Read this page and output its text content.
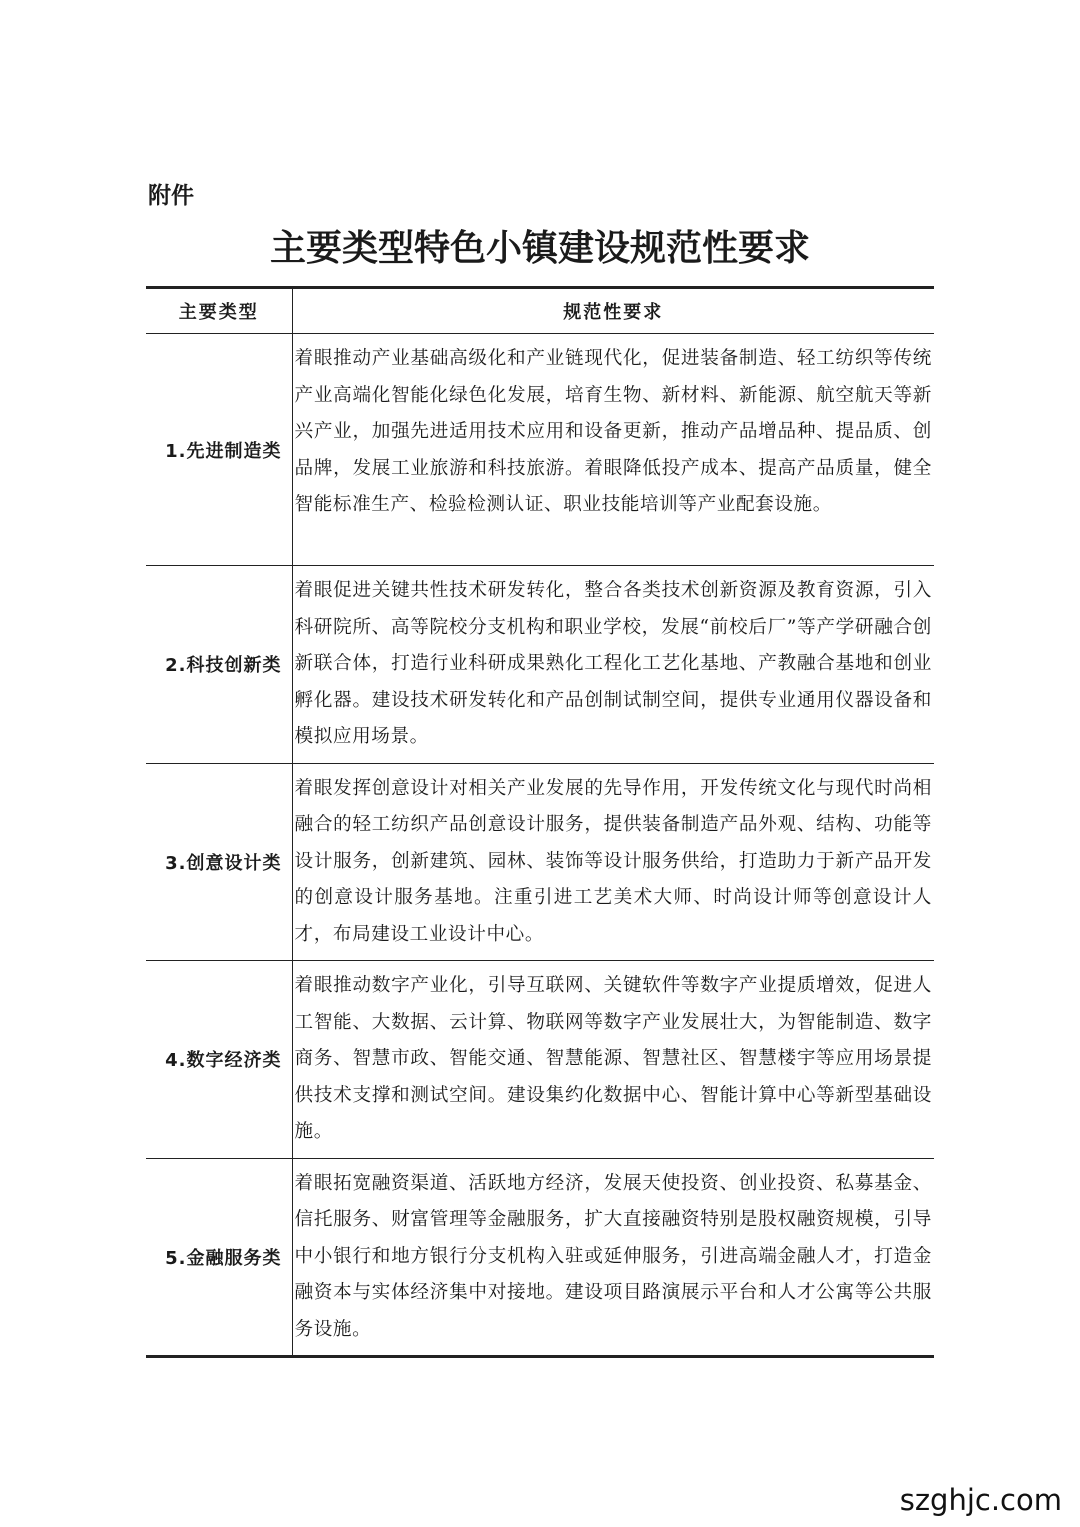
附件
主要类型特色小镇建设规范性要求
主要类型	规范性要求
1.先进制造类	着眼推动产业基础高级化和产业链现代化，促进装备制造、轻工纺织等传统产业高端化智能化绿色化发展，培育生物、新材料、新能源、航空航天等新兴产业，加强先进适用技术应用和设备更新，推动产品增品种、提品质、创品牌，发展工业旅游和科技旅游。着眼降低投产成本、提高产品质量，健全智能标准生产、检验检测认证、职业技能培训等产业配套设施。
2.科技创新类	着眼促进关键共性技术研发转化，整合各类技术创新资源及教育资源，引入科研院所、高等院校分支机构和职业学校，发展“前校后厂”等产学研融合创新联合体，打造行业科研成果熟化工程化工艺化基地、产教融合基地和创业孵化器。建设技术研发转化和产品创制试制空间，提供专业通用仪器设备和模拟应用场景。
3.创意设计类	着眼发挥创意设计对相关产业发展的先导作用，开发传统文化与现代时尚相融合的轻工纺织产品创意设计服务，提供装备制造产品外观、结构、功能等设计服务，创新建筑、园林、装饰等设计服务供给，打造助力于新产品开发的创意设计服务基地。注重引进工艺美术大师、时尚设计师等创意设计人才，布局建设工业设计中心。
4.数字经济类	着眼推动数字产业化，引导互联网、关键软件等数字产业提质增效，促进人工智能、大数据、云计算、物联网等数字产业发展壮大，为智能制造、数字商务、智慧市政、智能交通、智慧能源、智慧社区、智慧楼宇等应用场景提供技术支撑和测试空间。建设集约化数据中心、智能计算中心等新型基础设施。
5.金融服务类	着眼拓宽融资渠道、活跃地方经济，发展天使投资、创业投资、私募基金、信托服务、财富管理等金融服务，扩大直接融资特别是股权融资规模，引导中小银行和地方银行分支机构入驻或延伸服务，引进高端金融人才，打造金融资本与实体经济集中对接地。建设项目路演展示平台和人才公寓等公共服务设施。
szghjc.com
